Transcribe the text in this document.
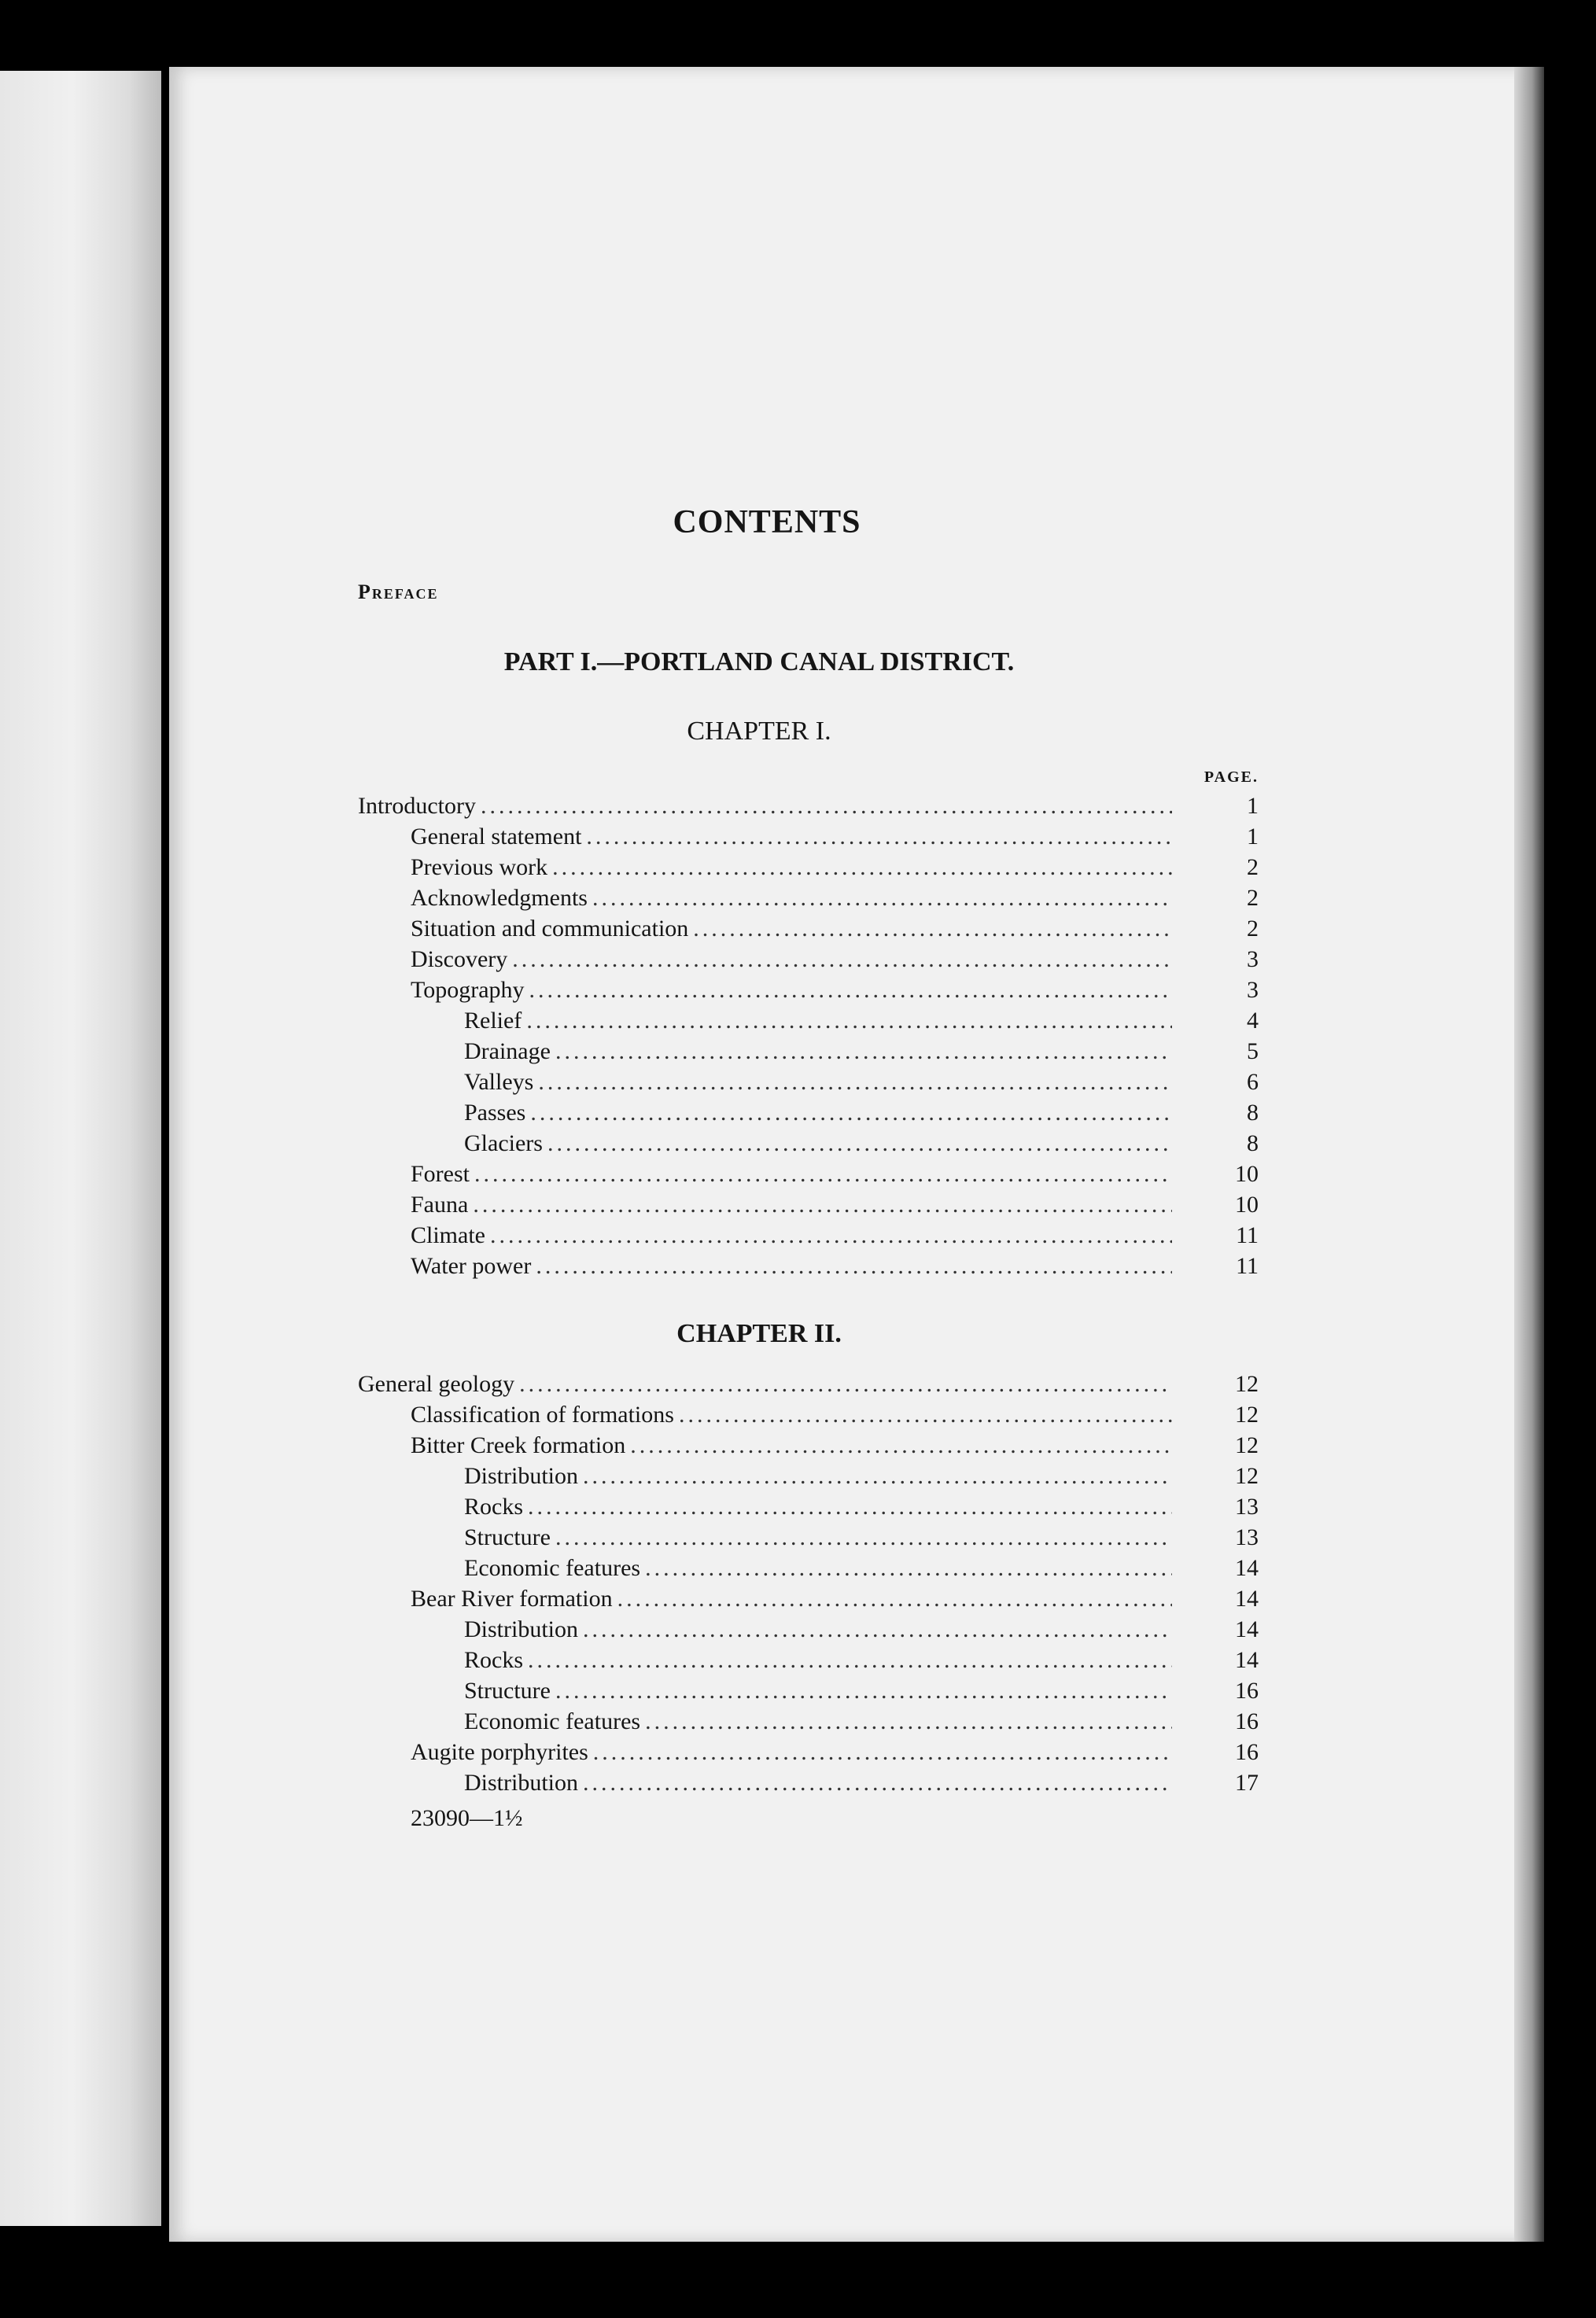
CONTENTS
Preface
PART I.—PORTLAND CANAL DISTRICT.
CHAPTER I.
PAGE.
Introductory .....	1
General statement .....	1
Previous work .....	2
Acknowledgments .....	2
Situation and communication .....	2
Discovery .....	3
Topography .....	3
Relief .....	4
Drainage .....	5
Valleys .....	6
Passes .....	8
Glaciers .....	8
Forest .....	10
Fauna .....	10
Climate .....	11
Water power .....	11
CHAPTER II.
General geology .....	12
Classification of formations .....	12
Bitter Creek formation .....	12
Distribution .....	12
Rocks .....	13
Structure .....	13
Economic features .....	14
Bear River formation .....	14
Distribution .....	14
Rocks .....	14
Structure .....	16
Economic features .....	16
Augite porphyrites .....	16
Distribution .....	17
23090—1½
